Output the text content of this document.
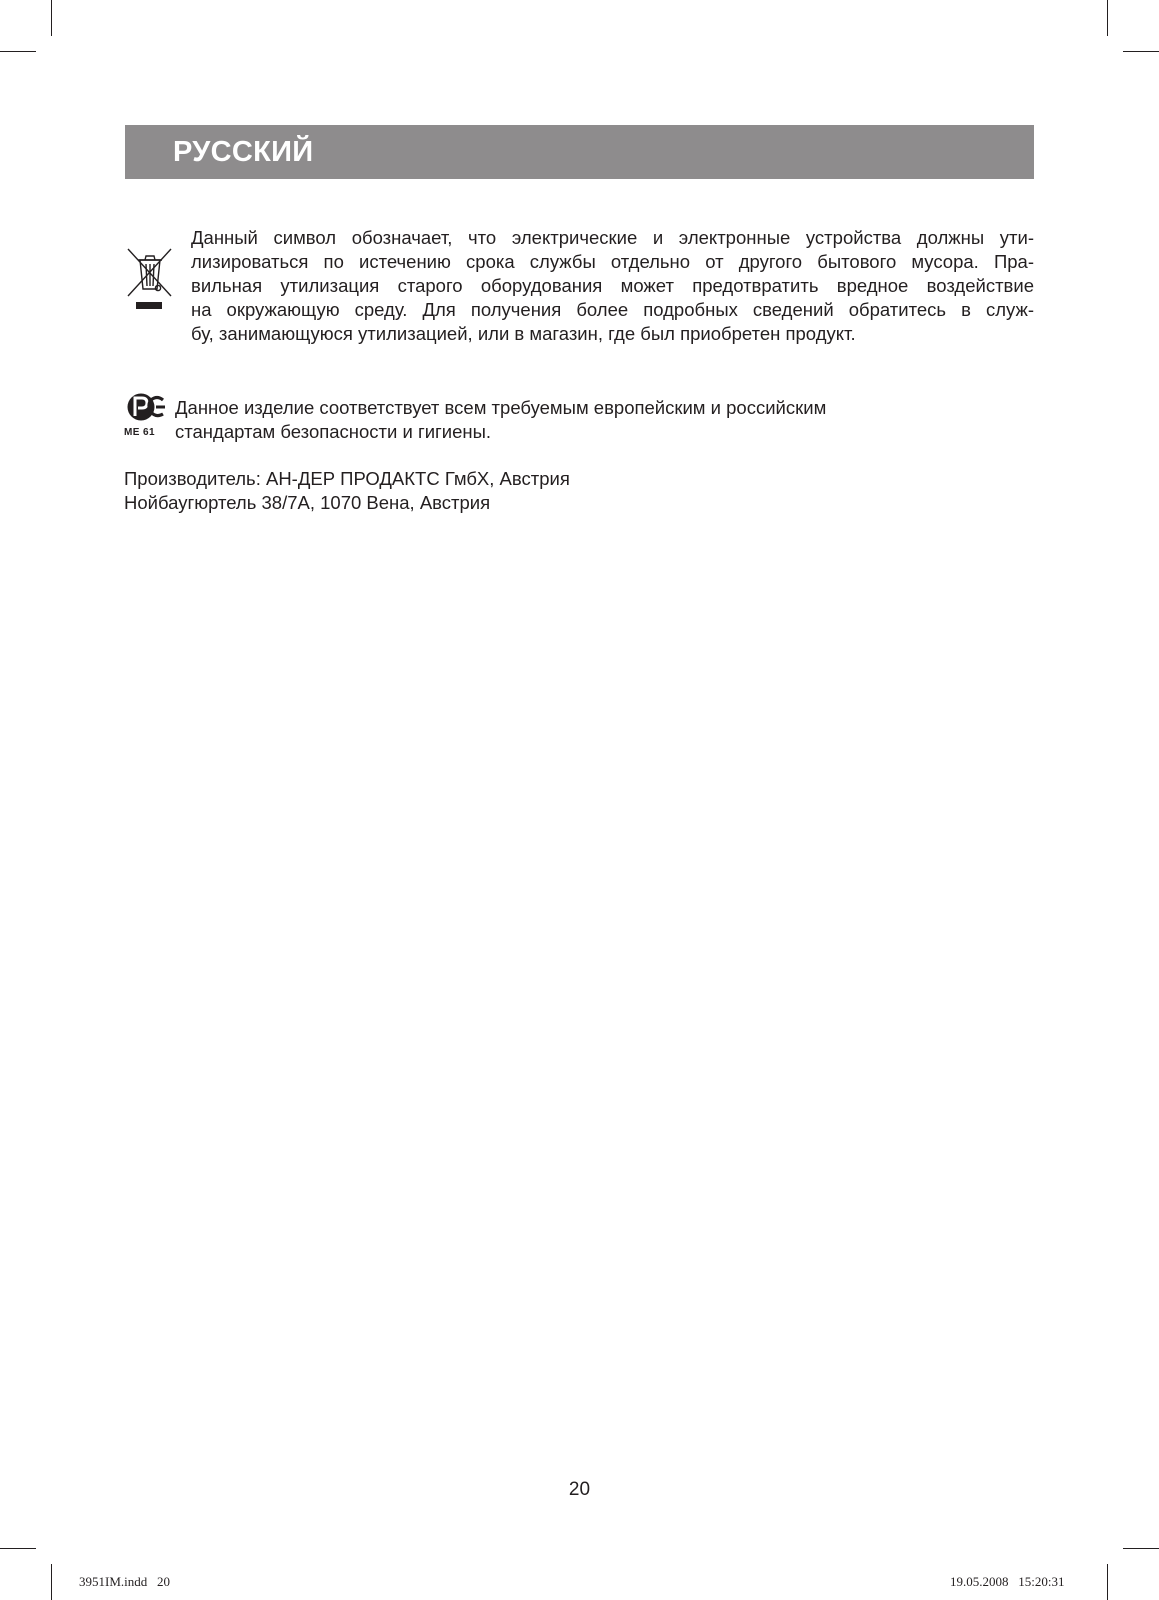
РУССКИЙ
Данный символ обозначает, что электрические и электронные устройства должны ути-
лизироваться по истечению срока службы отдельно от другого бытового мусора. Пра-
вильная утилизация старого оборудования может предотвратить вредное воздействие
на окружающую среду. Для получения более подробных сведений обратитесь в служ-
бу, занимающуюся утилизацией, или в магазин, где был приобретен продукт.
ME 61
Данное изделие соответствует всем требуемым европейским и российским
стандартам безопасности и гигиены.
Производитель: АН-ДЕР ПРОДАКТС ГмбХ, Австрия
Нойбаугюртель 38/7А, 1070 Вена, Австрия
20
3951IM.indd   20	19.05.2008   15:20:31
